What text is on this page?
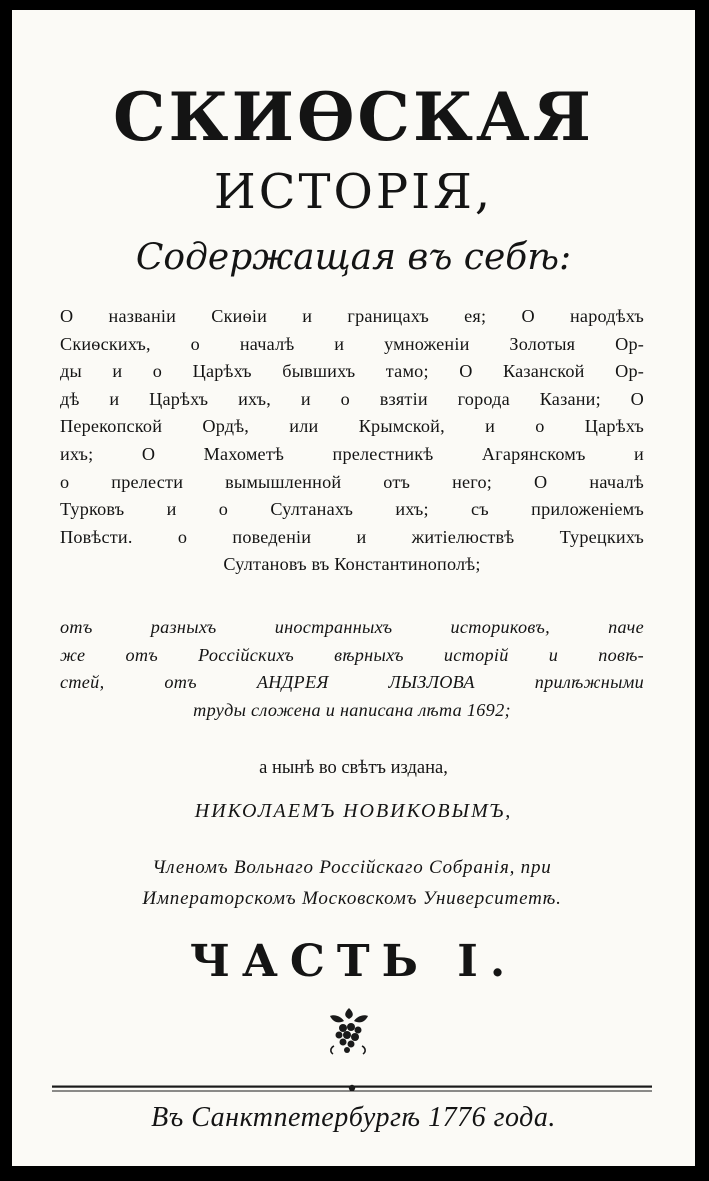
СКИѲСКАЯ
ИСТОРІЯ,
Содержащая въ себѣ:
О названіи Скиѳіи и границахъ ея; О народѣхъ
Скиѳскихъ, о началѣ и умноженіи Золотыя Ор-
ды и о Царѣхъ бывшихъ тамо; О Казанской Ор-
дѣ и Царѣхъ ихъ, и о взятіи города Казани; О
Перекопской Ордѣ, или Крымской, и о Царѣхъ
ихъ; О Махометѣ прелестникѣ Агарянскомъ и
о прелести вымышленной отъ него; О началѣ
Турковъ и о Султанахъ ихъ; съ приложеніемъ
Повѣсти. о поведеніи и житіелюствѣ Турецкихъ
Султановъ въ Константинополѣ;
отъ разныхъ иностранныхъ историковъ, паче
же отъ Россійскихъ вѣрныхъ исторій и повѣ-
стей, отъ АНДРЕЯ ЛЫЗЛОВА прилѣжными
труды сложена и написана лѣта 1692;
а нынѣ во свѣтъ издана,
НИКОЛАЕМЪ НОВИКОВЫМЪ,
Членомъ Вольнаго Россійскаго Собранія, при
Императорскомъ Московскомъ Университетѣ.
ЧАСТЬ I.
Въ Санктпетербургѣ 1776 года.
